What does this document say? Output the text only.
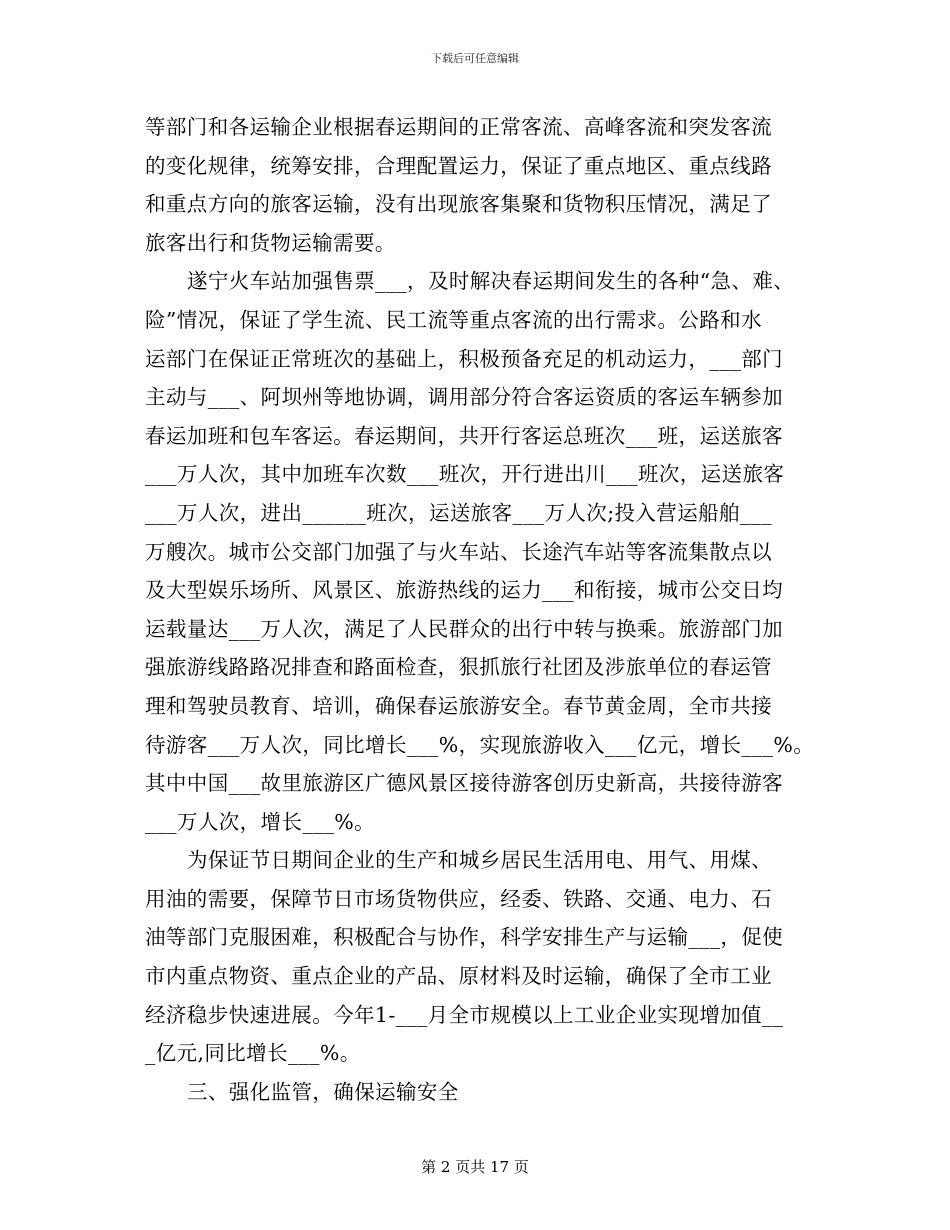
下载后可任意编辑
等部门和各运输企业根据春运期间的正常客流、高峰客流和突发客流
的变化规律，统筹安排，合理配置运力，保证了重点地区、重点线路
和重点方向的旅客运输，没有出现旅客集聚和货物积压情况，满足了
旅客出行和货物运输需要。
遂宁火车站加强售票___，及时解决春运期间发生的各种“急、难、
险”情况，保证了学生流、民工流等重点客流的出行需求。公路和水
运部门在保证正常班次的基础上，积极预备充足的机动运力，___部门
主动与___、阿坝州等地协调，调用部分符合客运资质的客运车辆参加
春运加班和包车客运。春运期间，共开行客运总班次___班，运送旅客
___万人次，其中加班车次数___班次，开行进出川___班次，运送旅客
___万人次，进出______班次，运送旅客___万人次;投入营运船舶___
万艘次。城市公交部门加强了与火车站、长途汽车站等客流集散点以
及大型娱乐场所、风景区、旅游热线的运力___和衔接，城市公交日均
运载量达___万人次，满足了人民群众的出行中转与换乘。旅游部门加
强旅游线路路况排查和路面检查，狠抓旅行社团及涉旅单位的春运管
理和驾驶员教育、培训，确保春运旅游安全。春节黄金周，全市共接
待游客___万人次，同比增长___%，实现旅游收入___亿元，增长___%。
其中中国___故里旅游区广德风景区接待游客创历史新高，共接待游客
___万人次，增长___%。
为保证节日期间企业的生产和城乡居民生活用电、用气、用煤、
用油的需要，保障节日市场货物供应，经委、铁路、交通、电力、石
油等部门克服困难，积极配合与协作，科学安排生产与运输___，促使
市内重点物资、重点企业的产品、原材料及时运输，确保了全市工业
经济稳步快速进展。今年1-___月全市规模以上工业企业实现增加值__
_亿元,同比增长___%。
三、强化监管，确保运输安全
第 2 页共 17 页
